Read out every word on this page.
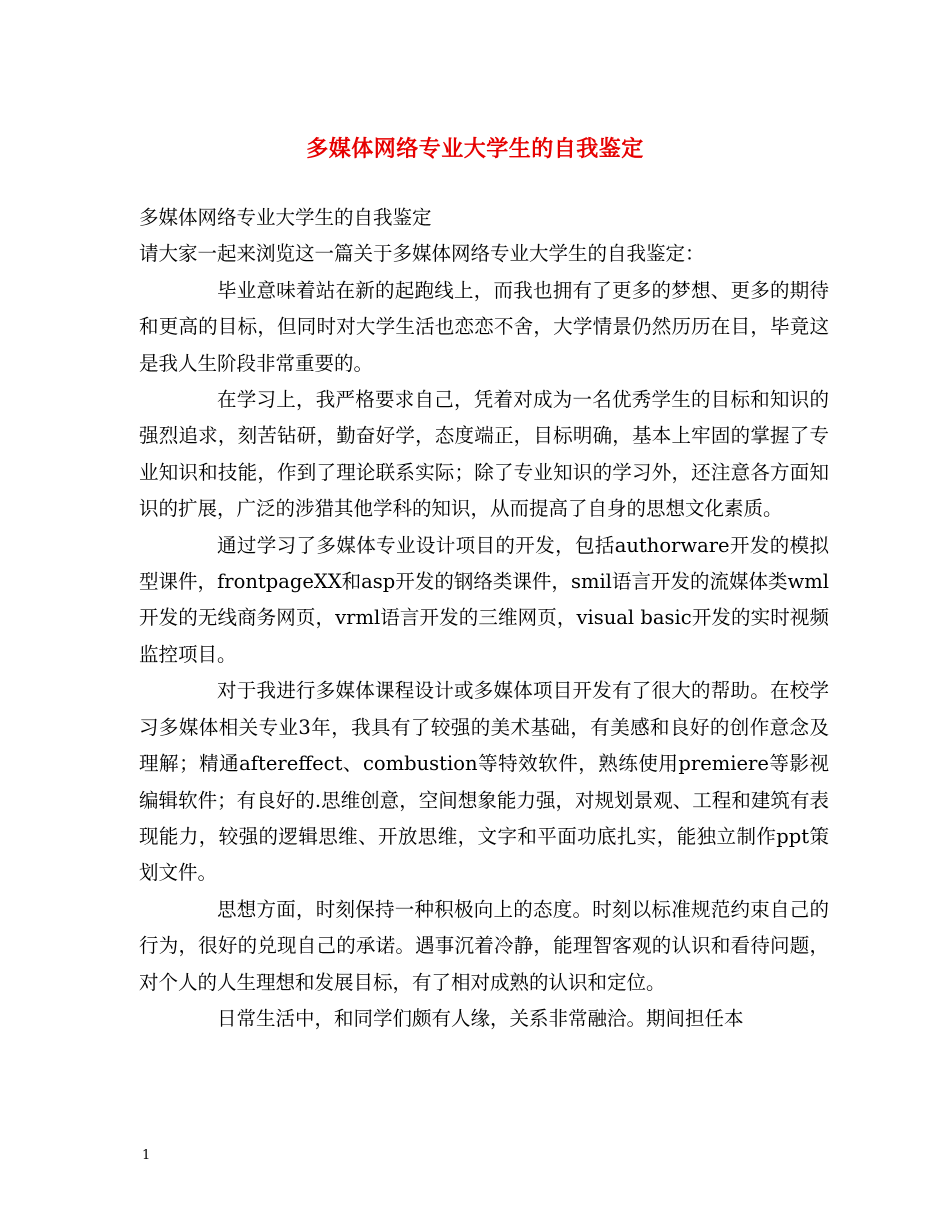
多媒体网络专业大学生的自我鉴定

多媒体网络专业大学生的自我鉴定

请大家一起来浏览这一篇关于多媒体网络专业大学生的自我鉴定：

毕业意味着站在新的起跑线上，而我也拥有了更多的梦想、更多的期待和更高的目标，但同时对大学生活也恋恋不舍，大学情景仍然历历在目，毕竟这是我人生阶段非常重要的。

在学习上，我严格要求自己，凭着对成为一名优秀学生的目标和知识的强烈追求，刻苦钻研，勤奋好学，态度端正，目标明确，基本上牢固的掌握了专业知识和技能，作到了理论联系实际；除了专业知识的学习外，还注意各方面知识的扩展，广泛的涉猎其他学科的知识，从而提高了自身的思想文化素质。

通过学习了多媒体专业设计项目的开发，包括authorware开发的模拟型课件，frontpageXX和asp开发的钢络类课件，smil语言开发的流媒体类wml开发的无线商务网页，vrml语言开发的三维网页，visual basic开发的实时视频监控项目。

对于我进行多媒体课程设计或多媒体项目开发有了很大的帮助。在校学习多媒体相关专业3年，我具有了较强的美术基础，有美感和良好的创作意念及理解；精通aftereffect、combustion等特效软件，熟练使用premiere等影视编辑软件；有良好的.思维创意，空间想象能力强，对规划景观、工程和建筑有表现能力，较强的逻辑思维、开放思维，文字和平面功底扎实，能独立制作ppt策划文件。

思想方面，时刻保持一种积极向上的态度。时刻以标准规范约束自己的行为，很好的兑现自己的承诺。遇事沉着冷静，能理智客观的认识和看待问题，对个人的人生理想和发展目标，有了相对成熟的认识和定位。

日常生活中，和同学们颇有人缘，关系非常融洽。期间担任本

1
